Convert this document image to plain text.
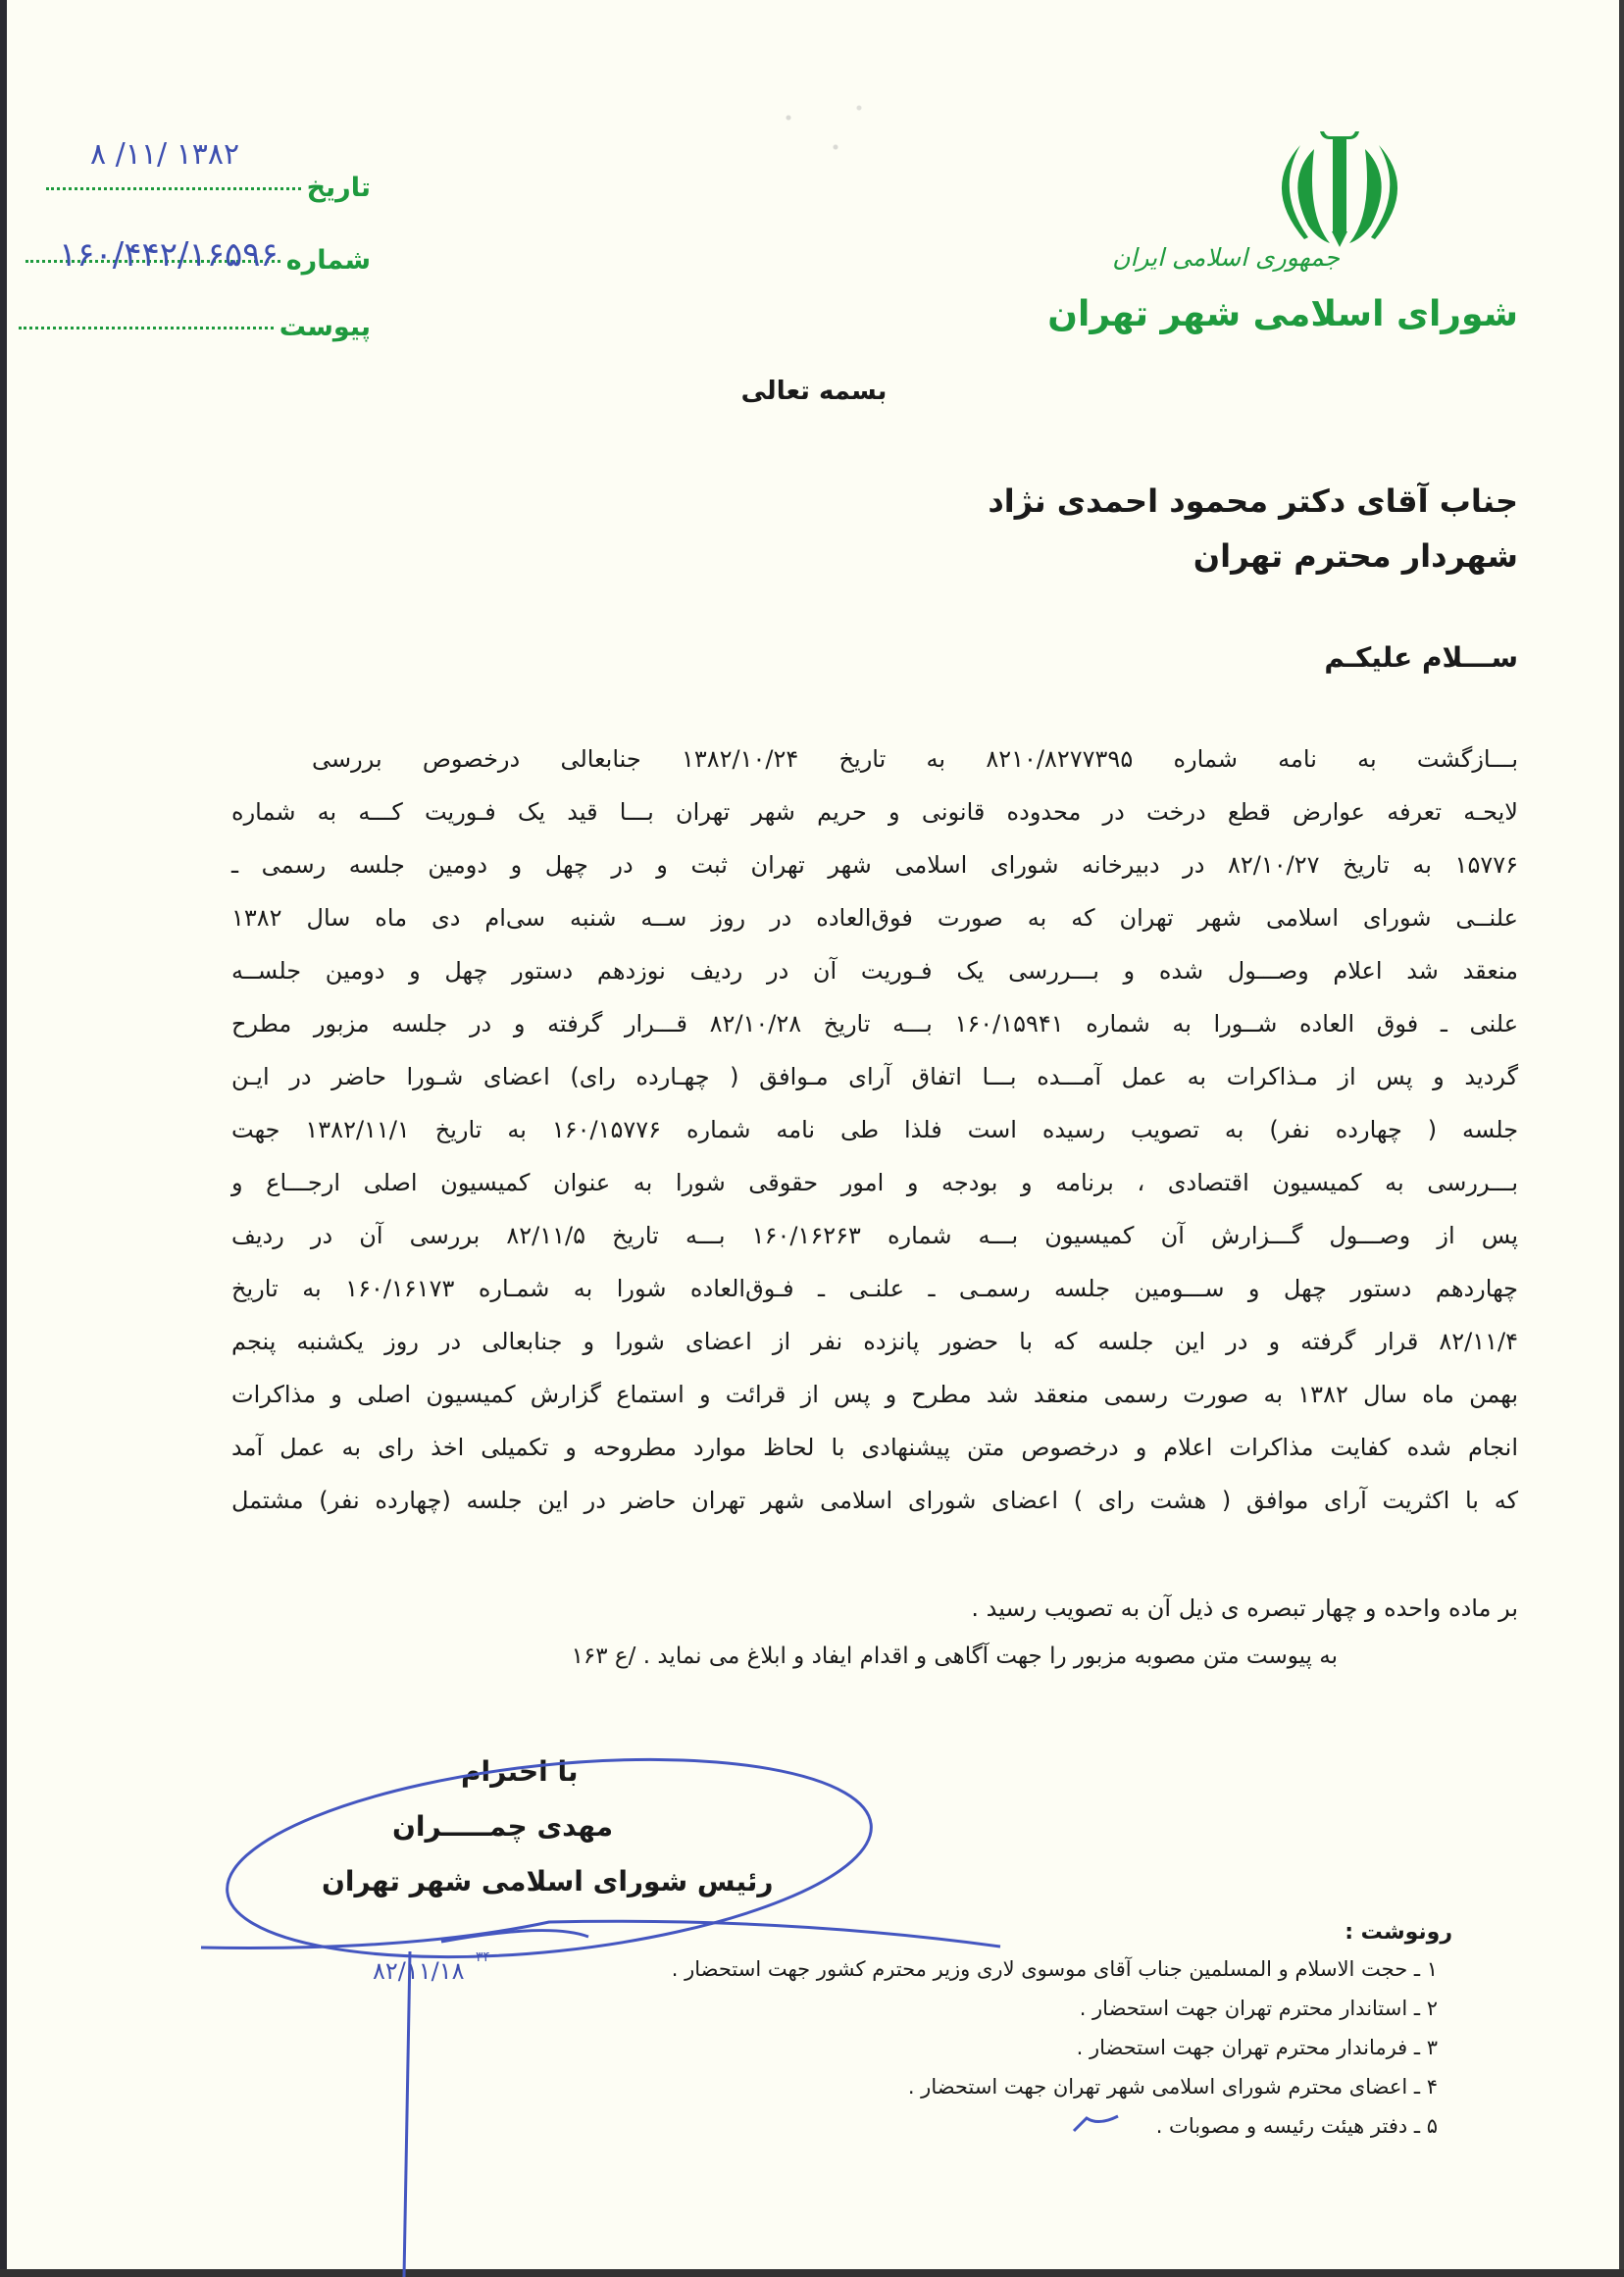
۱۳۸۲ /۱۱/ ۸
تاریخ
شماره
۱۶۰/۴۴۲/۱۶۵۹۶
پیوست
جمهوری اسلامی ایران
شورای اسلامی شهر تهران
بسمه تعالی
جناب آقای دکتر محمود احمدی نژاد
شهردار محترم تهران
ســـلام علیکـم
بـــازگشت به نامه شماره ۸۲۱۰/۸۲۷۷۳۹۵ به تاریخ ۱۳۸۲/۱۰/۲۴ جنابعالی درخصوص بررسی
لایحـه تعرفه عوارض قطع درخت در محدوده قانونی و حریم شهر تهران بـــا قید یک فـوریت کـــه به شماره
۱۵۷۷۶ به تاریخ ۸۲/۱۰/۲۷ در دبیرخانه شورای اسلامی شهر تهران ثبت و در چهل و دومین جلسه رسمی ـ
علنــی شورای اسلامی شهر تهران که به صورت فوق‌العاده در روز ســه شنبه سی‌ام دی ماه سال ۱۳۸۲
منعقد شد اعلام وصـــول شده و بـــررسی یک فـوریت آن در ردیف نوزدهم دستور چهل و دومین جلســه
علنی ـ فوق العاده شــورا به شماره ۱۶۰/۱۵۹۴۱ بـــه تاریخ ۸۲/۱۰/۲۸ قـــرار گرفته و در جلسه مزبور مطرح
گردید و پس از مـذاکرات به عمل آمـــده بـــا اتفاق آرای مـوافق ( چهـارده رای) اعضای شـورا حاضر در ایـن
جلسه ( چهارده نفر) به تصویب رسیده است فلذا طی نامه شماره ۱۶۰/۱۵۷۷۶ به تاریخ ۱۳۸۲/۱۱/۱ جهت
بـــررسی به کمیسیون اقتصادی ، برنامه و بودجه و امور حقوقی شورا به عنوان کمیسیون اصلی ارجـــاع و
پس از وصـــول گـــزارش آن کمیسیون بـــه شماره ۱۶۰/۱۶۲۶۳ بـــه تاریخ ۸۲/۱۱/۵ بررسی آن در ردیف
چهاردهم دستور چهل و ســـومین جلسه رسمـی ـ علنـی ـ فـوق‌العاده شورا به شمـاره ۱۶۰/۱۶۱۷۳ به تاریخ
۸۲/۱۱/۴ قرار گرفته و در این جلسه که با حضور پانزده نفر از اعضای شورا و جنابعالی در روز یکشنبه پنجم
بهمن ماه سال ۱۳۸۲ به صورت رسمی منعقد شد مطرح و پس از قرائت و استماع گزارش کمیسیون اصلی و مذاکرات
انجام شده کفایت مذاکرات اعلام و درخصوص متن پیشنهادی با لحاظ موارد مطروحه و تکمیلی اخذ رای به عمل آمد
که با اکثریت آرای موافق ( هشت رای ) اعضای شورای اسلامی شهر تهران حاضر در این جلسه (چهارده نفر) مشتمل
بر ماده واحده و چهار تبصره ی ذیل آن به تصویب رسید .
به پیوست متن مصوبه مزبور را جهت آگاهی و اقدام ایفاد و ابلاغ می نماید . /ع ۱۶۳
با احترام
مهدی چمـــــران
رئیس شورای اسلامی شهر تهران
۸۲/۱۱/۱۸ ۳۴
رونوشت :
۱ ـ حجت الاسلام و المسلمین جناب آقای موسوی لاری وزیر محترم کشور جهت استحضار .
۲ ـ استاندار محترم تهران جهت استحضار .
۳ ـ فرماندار محترم تهران جهت استحضار .
۴ ـ اعضای محترم شورای اسلامی شهر تهران جهت استحضار .
۵ ـ دفتر هیئت رئیسه و مصوبات .
